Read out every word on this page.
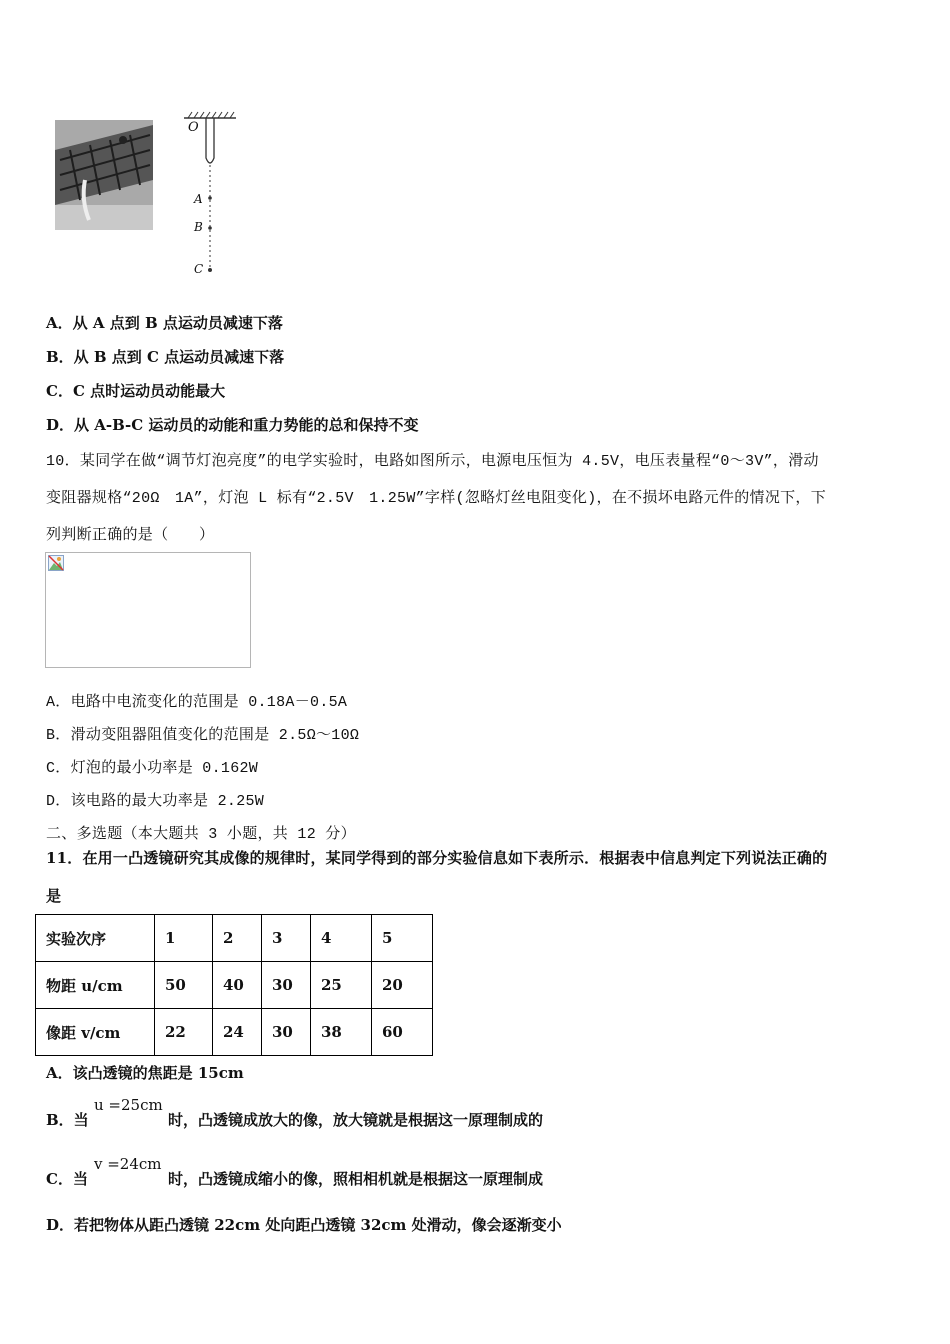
O
A
B
C
A．从 A 点到 B 点运动员减速下落
B．从 B 点到 C 点运动员减速下落
C．C 点时运动员动能最大
D．从 A-B-C 运动员的动能和重力势能的总和保持不变
10．某同学在做“调节灯泡亮度”的电学实验时，电路如图所示，电源电压恒为 4.5V，电压表量程“0～3V”，滑动
变阻器规格“20Ω　1A”，灯泡 L 标有“2.5V　1.25W”字样(忽略灯丝电阻变化)，在不损坏电路元件的情况下，下
列判断正确的是（　　）
A．电路中电流变化的范围是 0.18A－0.5A
B．滑动变阻器阻值变化的范围是 2.5Ω～10Ω
C．灯泡的最小功率是 0.162W
D．该电路的最大功率是 2.25W
二、多选题（本大题共 3 小题，共 12 分）
11．在用一凸透镜研究其成像的规律时，某同学得到的部分实验信息如下表所示．根据表中信息判定下列说法正确的
是
实验次序	1	2	3	4	5
物距 u/cm	50	40	30	25	20
像距 v/cm	22	24	30	38	60
A．该凸透镜的焦距是 15cm
B．当
u =25cm
时，凸透镜成放大的像，放大镜就是根据这一原理制成的
C．当
v =24cm
时，凸透镜成缩小的像，照相相机就是根据这一原理制成
D．若把物体从距凸透镜 22cm 处向距凸透镜 32cm 处滑动，像会逐渐变小
